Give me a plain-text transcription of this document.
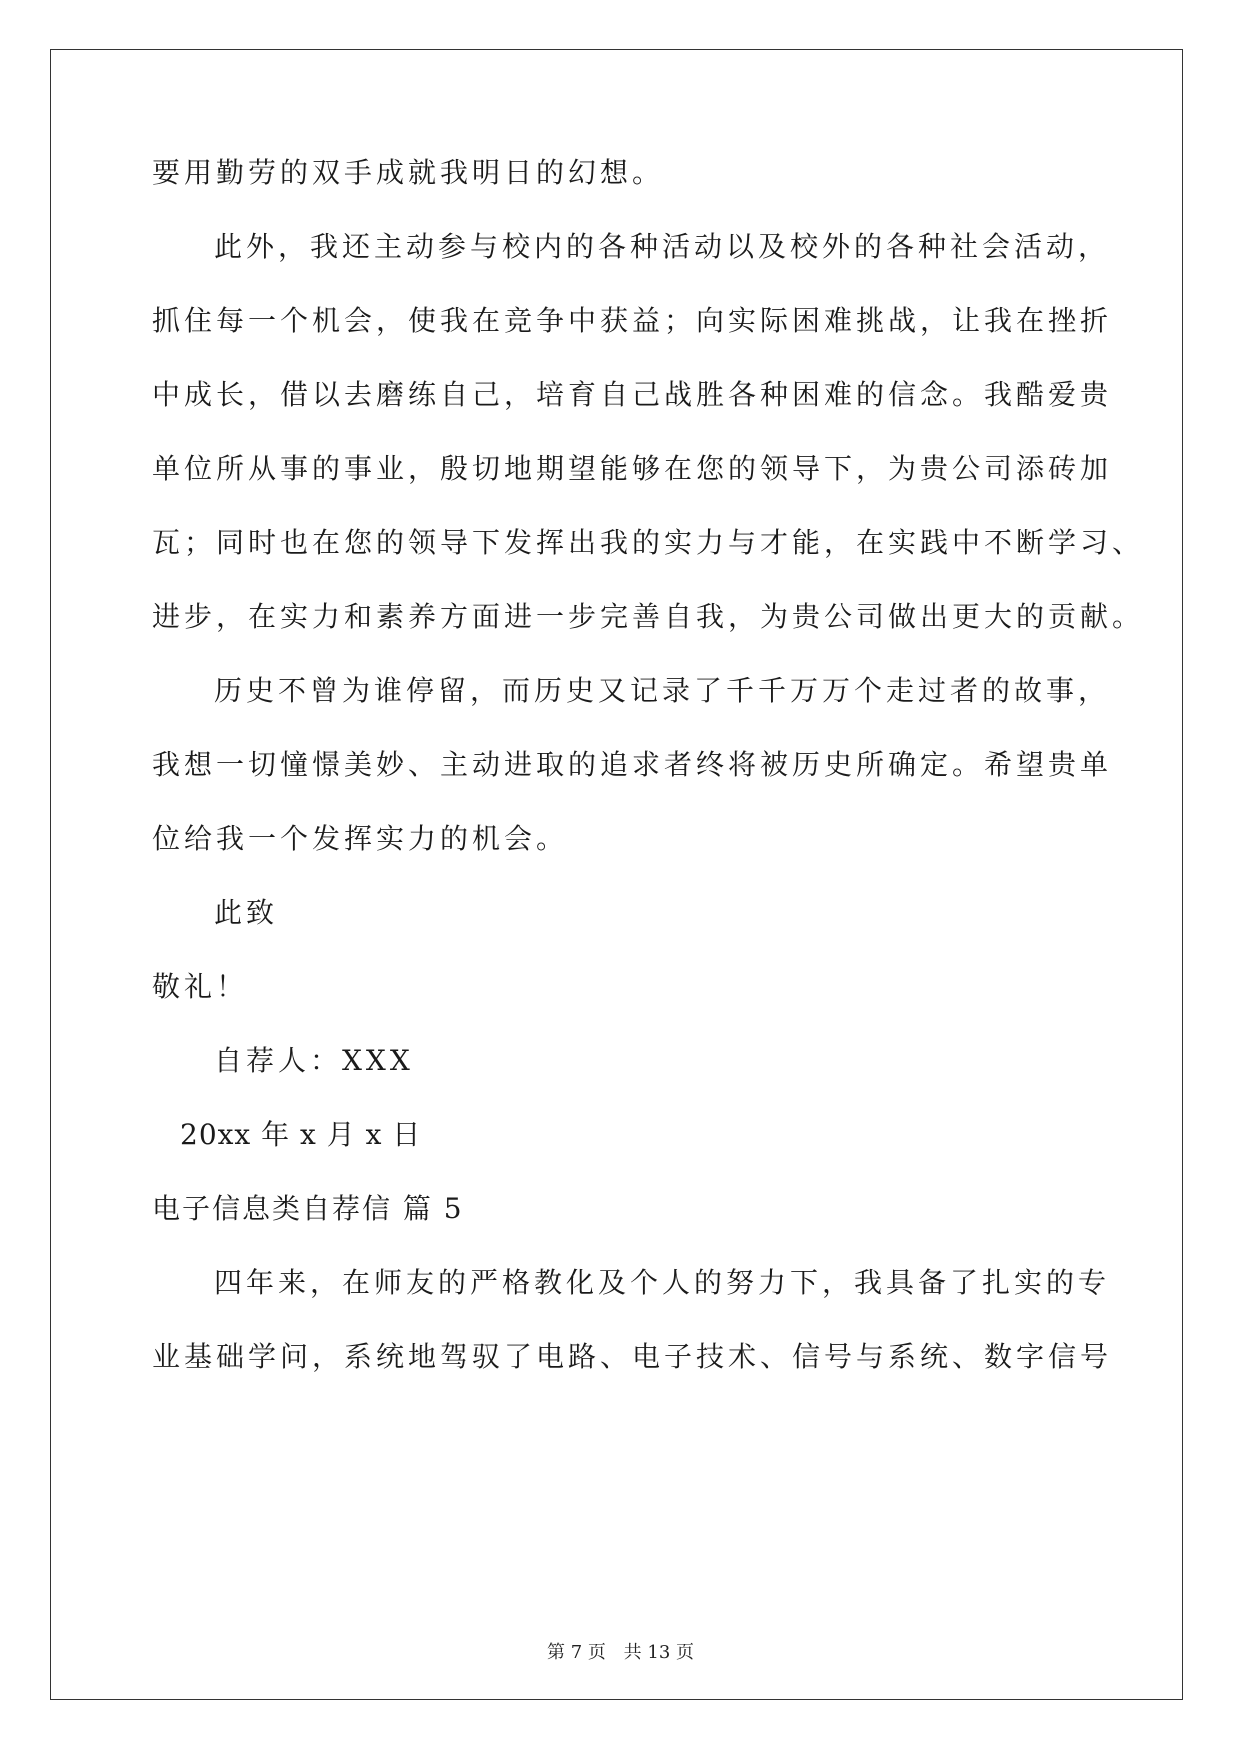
要用勤劳的双手成就我明日的幻想。
此外，我还主动参与校内的各种活动以及校外的各种社会活动，
抓住每一个机会，使我在竞争中获益；向实际困难挑战，让我在挫折
中成长，借以去磨练自己，培育自己战胜各种困难的信念。我酷爱贵
单位所从事的事业，殷切地期望能够在您的领导下，为贵公司添砖加
瓦；同时也在您的领导下发挥出我的实力与才能，在实践中不断学习、
进步，在实力和素养方面进一步完善自我，为贵公司做出更大的贡献。
历史不曾为谁停留，而历史又记录了千千万万个走过者的故事，
我想一切憧憬美妙、主动进取的追求者终将被历史所确定。希望贵单
位给我一个发挥实力的机会。
此致
敬礼！
自荐人：XXX
20xx 年 x 月 x 日
电子信息类自荐信 篇 5
四年来，在师友的严格教化及个人的努力下，我具备了扎实的专
业基础学问，系统地驾驭了电路、电子技术、信号与系统、数字信号
第 7 页 共 13 页
